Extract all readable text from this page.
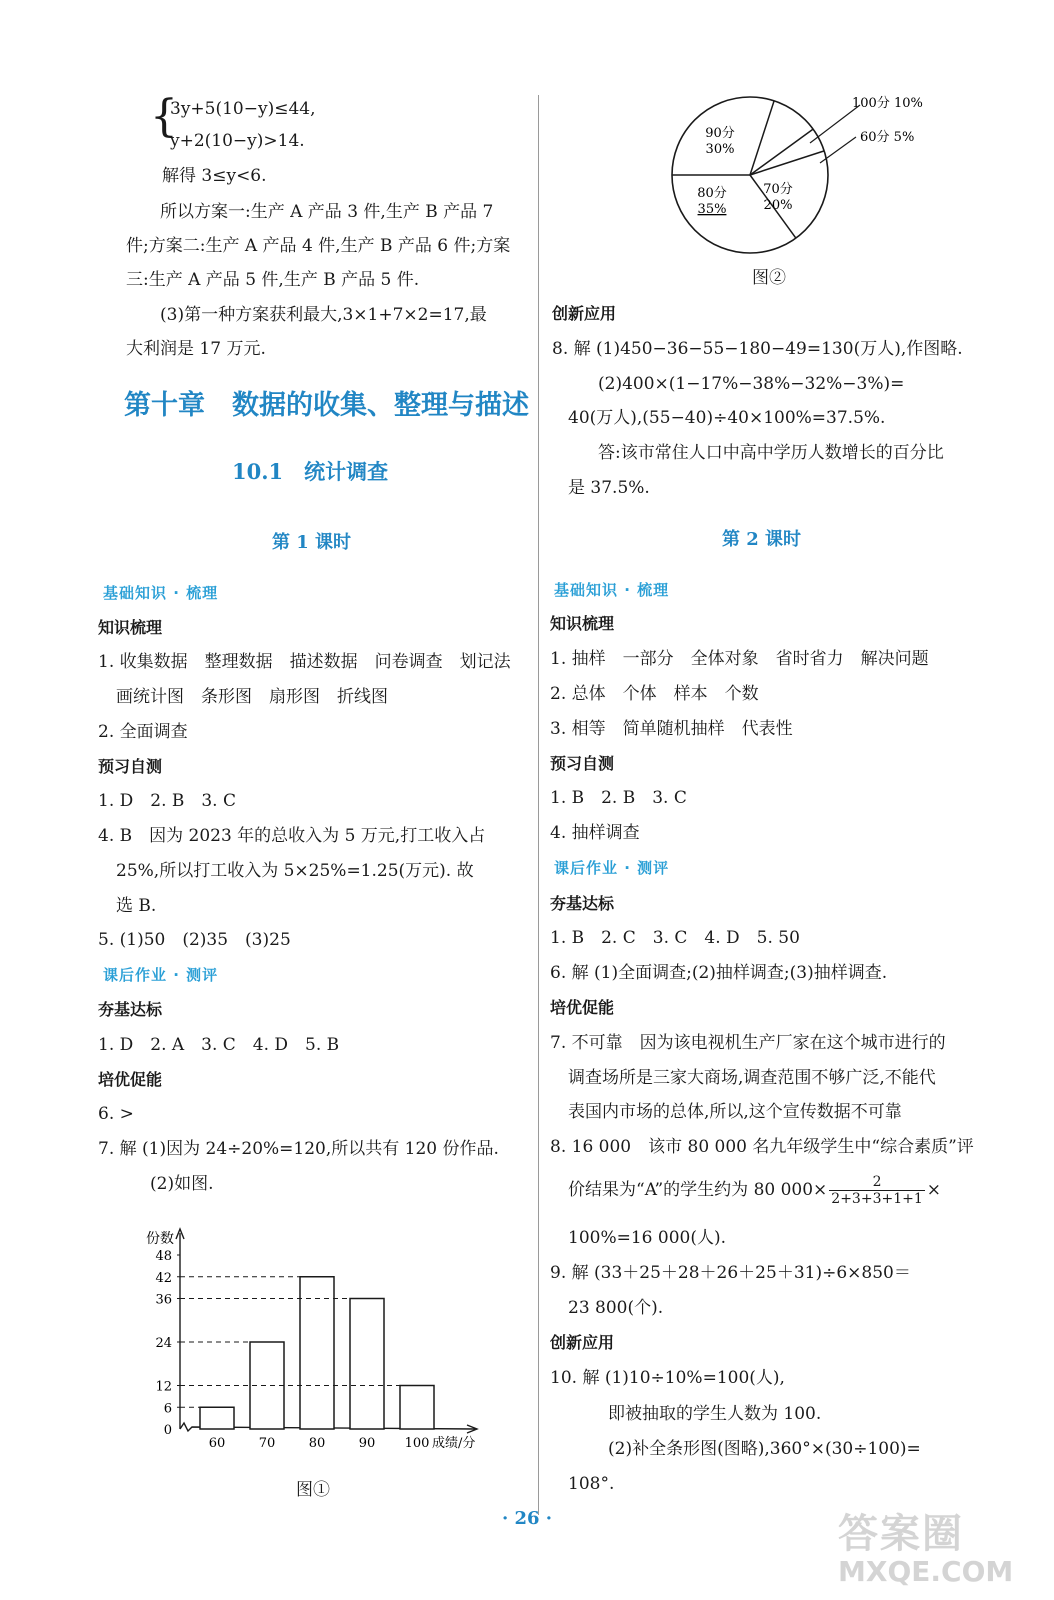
{
3y+5(10−y)≤44,
y+2(10−y)>14.
解得 3≤y<6.
所以方案一:生产 A 产品 3 件,生产 B 产品 7
件;方案二:生产 A 产品 4 件,生产 B 产品 6 件;方案
三:生产 A 产品 5 件,生产 B 产品 5 件.
(3)第一种方案获利最大,3×1+7×2=17,最
大利润是 17 万元.
第十章　数据的收集、整理与描述
10.1　统计调查
第 1 课时
基础知识 · 梳理
知识梳理
1. 收集数据　整理数据　描述数据　问卷调查　划记法
画统计图　条形图　扇形图　折线图
2. 全面调查
预习自测
1. D　2. B　3. C
4. B　因为 2023 年的总收入为 5 万元,打工收入占
25%,所以打工收入为 5×25%=1.25(万元). 故
选 B.
5. (1)50　(2)35　(3)25
课后作业 · 测评
夯基达标
1. D　2. A　3. C　4. D　5. B
培优促能
6. >
7. 解 (1)因为 24÷20%=120,所以共有 120 份作品.
(2)如图.
份数
成绩/分
0
6
12
24
36
42
48
60	70	80	90 100
图①
90分
30%
80分
35%
70分
20%
100分 10%
60分 5%
图②
创新应用
8. 解 (1)450−36−55−180−49=130(万人),作图略.
(2)400×(1−17%−38%−32%−3%)=
40(万人),(55−40)÷40×100%=37.5%.
答:该市常住人口中高中学历人数增长的百分比
是 37.5%.
第 2 课时
基础知识 · 梳理
知识梳理
1. 抽样　一部分　全体对象　省时省力　解决问题
2. 总体　个体　样本　个数
3. 相等　简单随机抽样　代表性
预习自测
1. B　2. B　3. C
4. 抽样调查
课后作业 · 测评
夯基达标
1. B　2. C　3. C　4. D　5. 50
6. 解 (1)全面调查;(2)抽样调查;(3)抽样调查.
培优促能
7. 不可靠　因为该电视机生产厂家在这个城市进行的
调查场所是三家大商场,调查范围不够广泛,不能代
表国内市场的总体,所以,这个宣传数据不可靠
8. 16 000　该市 80 000 名九年级学生中“综合素质”评
价结果为“A”的学生约为 80 $000\times \frac{2}{2+3+3+1+1}$ ×
100%=16 000(人).
9. 解 (33＋25＋28＋26＋25＋31)÷6×850＝
23 800(个).
创新应用
10. 解 (1)10÷10%=100(人),
即被抽取的学生人数为 100.
(2)补全条形图(图略),360°×(30÷100)=
108°.
· 26 ·	答案圈
MXQE.COM
